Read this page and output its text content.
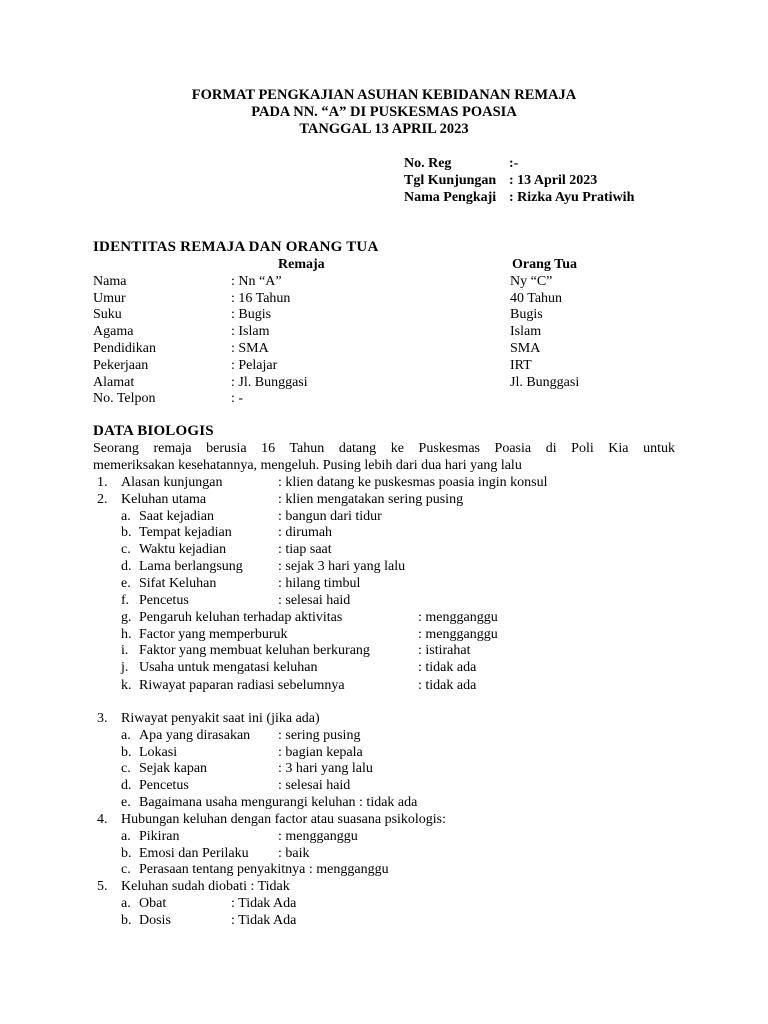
FORMAT PENGKAJIAN ASUHAN KEBIDANAN REMAJA
PADA NN. “A” DI PUSKESMAS POASIA
TANGGAL 13 APRIL 2023
No. Reg	:-
Tgl Kunjungan : 13 April 2023
Nama Pengkaji : Rizka Ayu Pratiwih
IDENTITAS REMAJA DAN ORANG TUA
Remaja	Orang Tua
Nama	: Nn “A”	Ny “C”
Umur	: 16 Tahun	40 Tahun
Suku	: Bugis	Bugis
Agama	: Islam	Islam
Pendidikan	: SMA	SMA
Pekerjaan	: Pelajar	IRT
Alamat	: Jl. Bunggasi	Jl. Bunggasi
No. Telpon	: -
DATA BIOLOGIS
Seorang remaja berusia 16 Tahun datang ke Puskesmas Poasia di Poli Kia untuk
memeriksakan kesehatannya, mengeluh. Pusing lebih dari dua hari yang lalu
1. Alasan kunjungan	: klien datang ke puskesmas poasia ingin konsul
2. Keluhan utama	: klien mengatakan sering pusing
a. Saat kejadian	: bangun dari tidur
b. Tempat kejadian	: dirumah
c. Waktu kejadian	: tiap saat
d. Lama berlangsung	: sejak 3 hari yang lalu
e. Sifat Keluhan	: hilang timbul
f. Pencetus	: selesai haid
g. Pengaruh keluhan terhadap aktivitas	: mengganggu
h. Factor yang memperburuk	: mengganggu
i. Faktor yang membuat keluhan berkurang	: istirahat
j. Usaha untuk mengatasi keluhan	: tidak ada
k. Riwayat paparan radiasi sebelumnya	: tidak ada
3. Riwayat penyakit saat ini (jika ada)
a. Apa yang dirasakan : sering pusing
b. Lokasi	: bagian kepala
c. Sejak kapan	: 3 hari yang lalu
d. Pencetus	: selesai haid
e. Bagaimana usaha mengurangi keluhan : tidak ada
4. Hubungan keluhan dengan factor atau suasana psikologis:
a. Pikiran	: mengganggu
b. Emosi dan Perilaku : baik
c. Perasaan tentang penyakitnya : mengganggu
5. Keluhan sudah diobati : Tidak
a. Obat	: Tidak Ada
b. Dosis	: Tidak Ada
